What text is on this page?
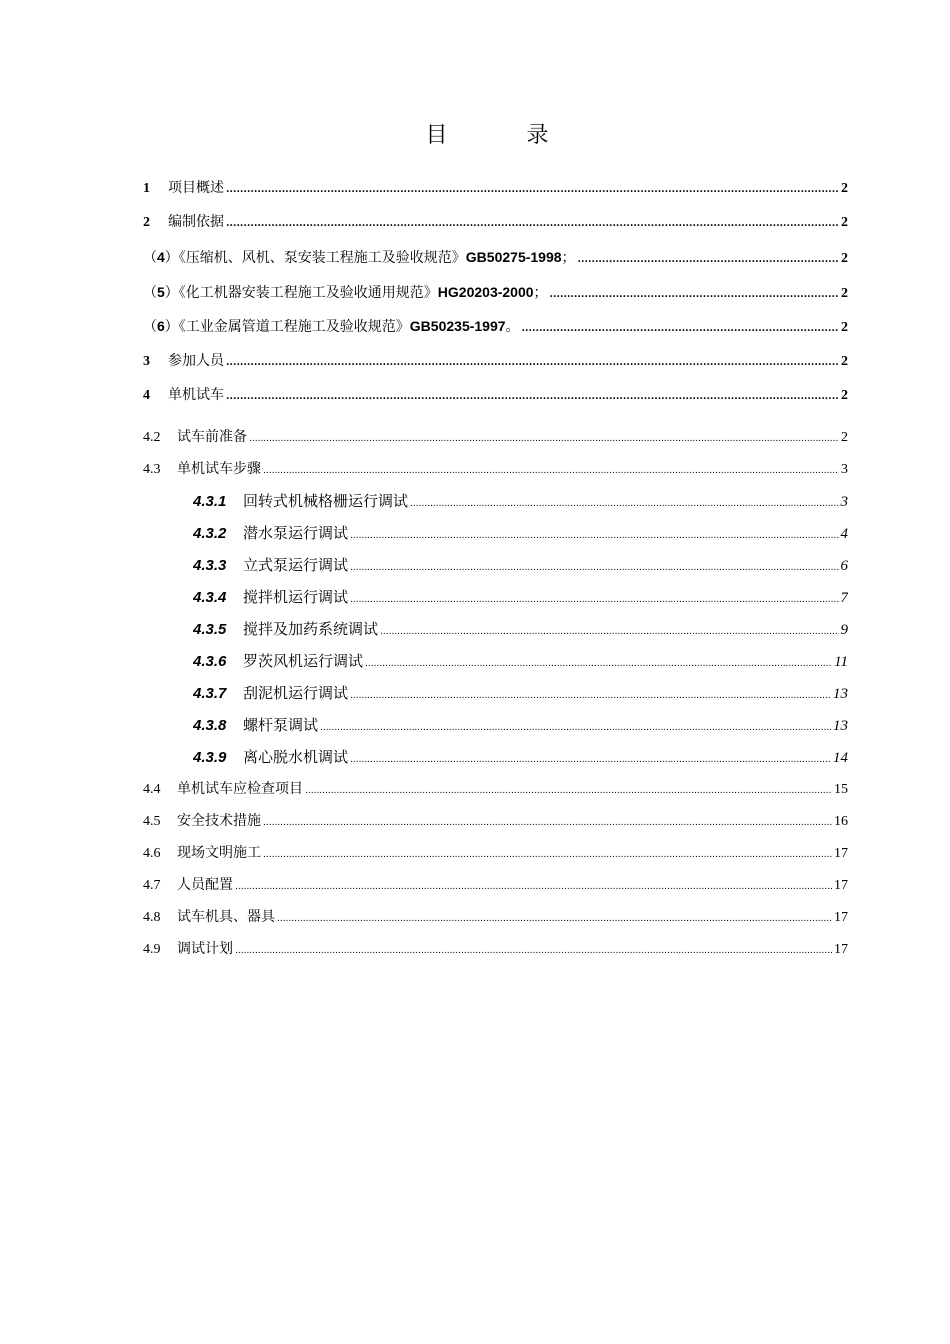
目 录
1	项目概述 .....	2
2	编制依据 .....	2
（4）《压缩机、风机、泵安装工程施工及验收规范》GB50275-1998； .....	2
（5）《化工机器安装工程施工及验收通用规范》HG20203-2000； .....	2
（6）《工业金属管道工程施工及验收规范》GB50235-1997。 .....	2
3	参加人员 .....	2
4	单机试车 .....	2
4.2	试车前准备 .....	2
4.3	单机试车步骤 .....	3
4.3.1	回转式机械格栅运行调试 .....	3
4.3.2	潜水泵运行调试 .....	4
4.3.3	立式泵运行调试 .....	6
4.3.4	搅拌机运行调试 .....	7
4.3.5	搅拌及加药系统调试 .....	9
4.3.6	罗茨风机运行调试 .....	11
4.3.7	刮泥机运行调试 .....	13
4.3.8	螺杆泵调试 .....	13
4.3.9	离心脱水机调试 .....	14
4.4	单机试车应检查项目 .....	15
4.5	安全技术措施 .....	16
4.6	现场文明施工 .....	17
4.7	人员配置 .....	17
4.8	试车机具、器具 .....	17
4.9	调试计划 .....	17
